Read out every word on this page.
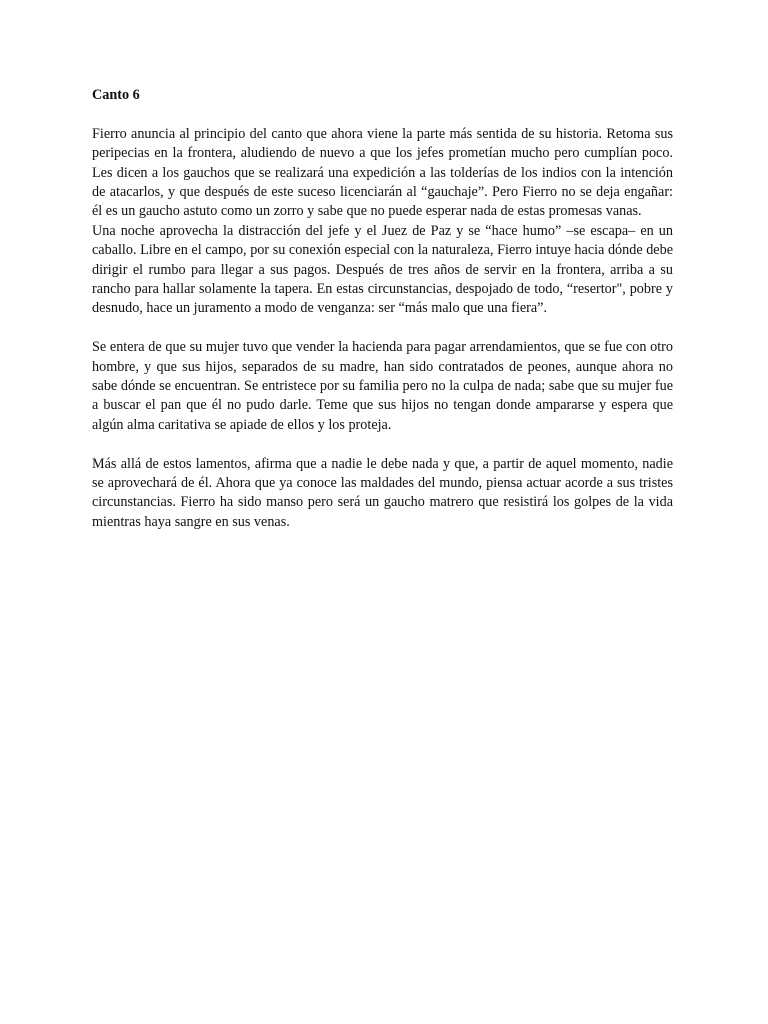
Canto 6

Fierro anuncia al principio del canto que ahora viene la parte más sentida de su historia. Retoma sus peripecias en la frontera, aludiendo de nuevo a que los jefes prometían mucho pero cumplían poco. Les dicen a los gauchos que se realizará una expedición a las tolderías de los indios con la intención de atacarlos, y que después de este suceso licenciarán al “gauchaje”. Pero Fierro no se deja engañar: él es un gaucho astuto como un zorro y sabe que no puede esperar nada de estas promesas vanas.

Una noche aprovecha la distracción del jefe y el Juez de Paz y se “hace humo” –se escapa– en un caballo. Libre en el campo, por su conexión especial con la naturaleza, Fierro intuye hacia dónde debe dirigir el rumbo para llegar a sus pagos. Después de tres años de servir en la frontera, arriba a su rancho para hallar solamente la tapera. En estas circunstancias, despojado de todo, “resertor", pobre y desnudo, hace un juramento a modo de venganza: ser “más malo que una fiera”.

Se entera de que su mujer tuvo que vender la hacienda para pagar arrendamientos, que se fue con otro hombre, y que sus hijos, separados de su madre, han sido contratados de peones, aunque ahora no sabe dónde se encuentran. Se entristece por su familia pero no la culpa de nada; sabe que su mujer fue a buscar el pan que él no pudo darle. Teme que sus hijos no tengan donde ampararse y espera que algún alma caritativa se apiade de ellos y los proteja.

Más allá de estos lamentos, afirma que a nadie le debe nada y que, a partir de aquel momento, nadie se aprovechará de él. Ahora que ya conoce las maldades del mundo, piensa actuar acorde a sus tristes circunstancias. Fierro ha sido manso pero será un gaucho matrero que resistirá los golpes de la vida mientras haya sangre en sus venas.
